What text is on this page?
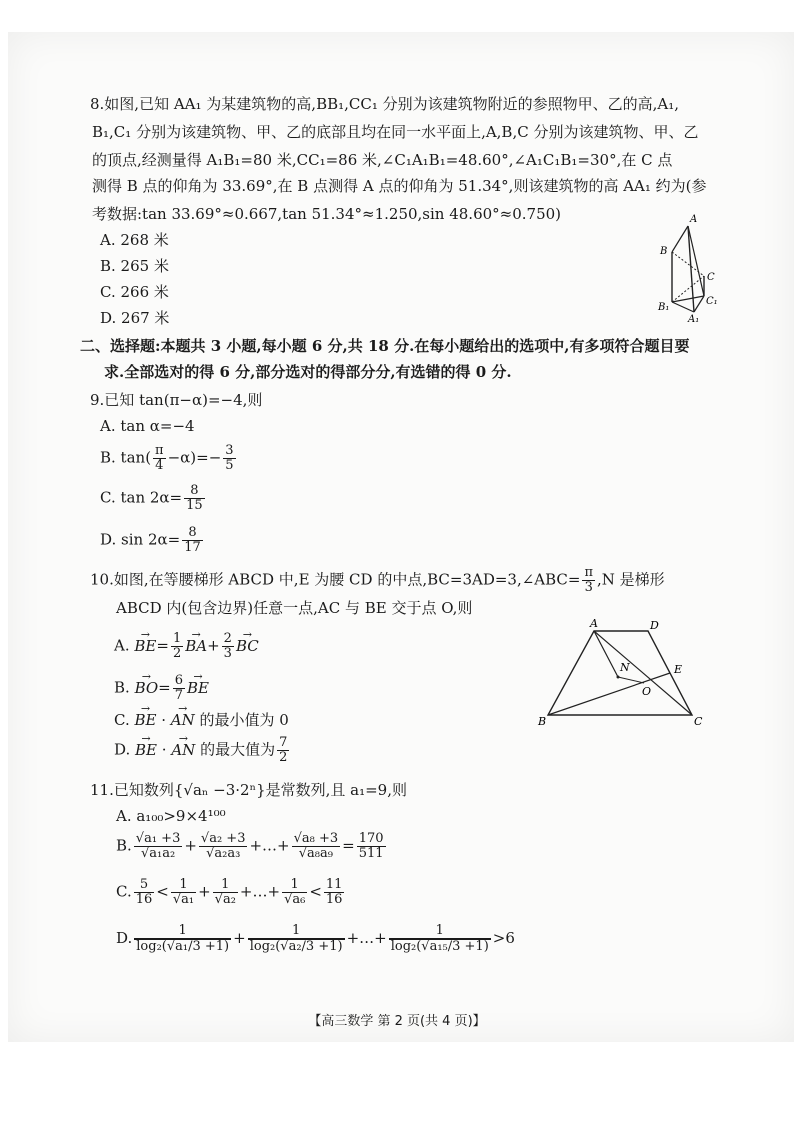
8.如图,已知 AA₁ 为某建筑物的高,BB₁,CC₁ 分别为该建筑物附近的参照物甲、乙的高,A₁,
B₁,C₁ 分别为该建筑物、甲、乙的底部且均在同一水平面上,A,B,C 分别为该建筑物、甲、乙
的顶点,经测量得 A₁B₁=80 米,CC₁=86 米,∠C₁A₁B₁=48.60°,∠A₁C₁B₁=30°,在 C 点
测得 B 点的仰角为 33.69°,在 B 点测得 A 点的仰角为 51.34°,则该建筑物的高 AA₁ 约为(参
考数据:tan 33.69°≈0.667,tan 51.34°≈1.250,sin 48.60°≈0.750)
A. 268 米
B. 265 米
C. 266 米
D. 267 米
A
B
C
B₁
C₁
A₁
二、选择题:本题共 3 小题,每小题 6 分,共 18 分.在每小题给出的选项中,有多项符合题目要
求.全部选对的得 6 分,部分选对的得部分分,有选错的得 0 分.
9.已知 tan(π−α)=−4,则
A. tan α=−4
B. $\tan( \frac{\pi}{4} -\alpha)=- \frac{3}{5}$
C. $\tan 2\alpha= \frac{8}{15}$
D. $\sin 2\alpha= \frac{8}{17}$
10.如图,在等腰梯形 ABCD 中,E 为腰 CD 的中点,BC=3AD=3,∠ABC= $\frac{\pi}{3} ,N$ 是梯形
ABCD 内(包含边界)任意一点,AC 与 BE 交于点 O,则
A. → $BE= \frac{1}{2}$
→ $BA+ \frac{2}{3}$
→ BC
B. → $BO= \frac{6}{7}$
→ BE
C. → BE · → AN 的最小值为 0
D. → BE · → AN 的最大值为 $\frac{7}{2}$
A	D
N	E
O
B	C
11.已知数列{√aₙ −3·2ⁿ}是常数列,且 a₁=9,则
A. a₁₀₀>9×4¹⁰⁰
B. $\frac{\text{√a₁ +3}}{\text{√a₁a₂}} + \frac{\text{√a₂ +3}}{\text{√a₂a₃}}$ +…+ $\frac{\text{√a₈ +3}}{\text{√a₈a₉}} = \frac{170}{511}$
C. $\frac{5}{16} < \frac{1}{\text{√a₁}} + \frac{1}{\text{√a₂}}$ +…+ $\frac{1}{\text{√a₆}} < \frac{11}{16}$
D. $\frac{1}{\text{log₂(√a₁/3 +1)}} + \frac{1}{\text{log₂(√a₂/3 +1)}}$ +…+ $\frac{1}{\text{log₂(√a₁₅/3 +1)}} >6$
【高三数学 第 2 页(共 4 页)】
